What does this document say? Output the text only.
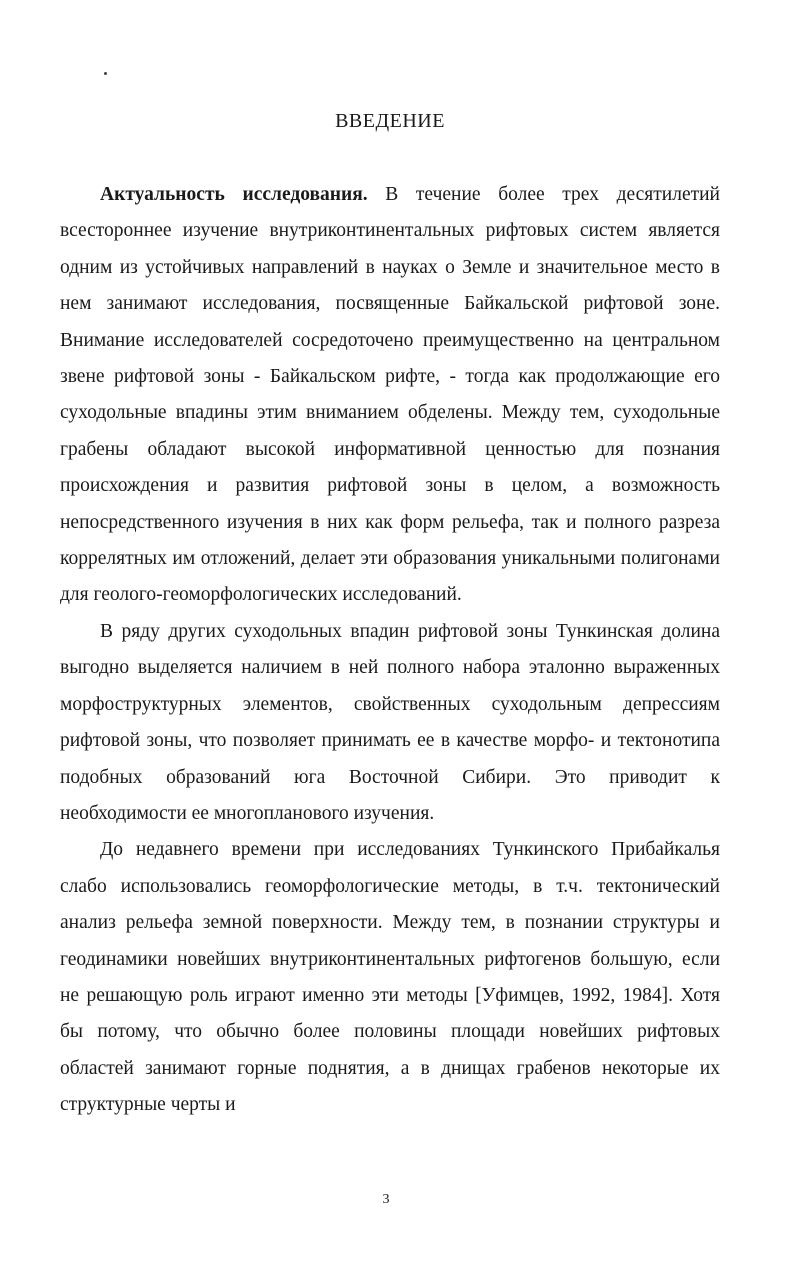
ВВЕДЕНИЕ

Актуальность исследования. В течение более трех десятилетий всестороннее изучение внутриконтинентальных рифтовых систем является одним из устойчивых направлений в науках о Земле и значительное место в нем занимают исследования, посвященные Байкальской рифтовой зоне. Внимание исследователей сосредоточено преимущественно на центральном звене рифтовой зоны - Байкальском рифте, - тогда как продолжающие его суходольные впадины этим вниманием обделены. Между тем, суходольные грабены обладают высокой информативной ценностью для познания происхождения и развития рифтовой зоны в целом, а возможность непосредственного изучения в них как форм рельефа, так и полного разреза коррелятных им отложений, делает эти образования уникальными полигонами для геолого-геоморфологических исследований.

В ряду других суходольных впадин рифтовой зоны Тункинская долина выгодно выделяется наличием в ней полного набора эталонно выраженных морфоструктурных элементов, свойственных суходольным депрессиям рифтовой зоны, что позволяет принимать ее в качестве морфо- и тектонотипа подобных образований юга Восточной Сибири. Это приводит к необходимости ее многопланового изучения.

До недавнего времени при исследованиях Тункинского Прибайкалья слабо использовались геоморфологические методы, в т.ч. тектонический анализ рельефа земной поверхности. Между тем, в познании структуры и геодинамики новейших внутриконтинентальных рифтогенов большую, если не решающую роль играют именно эти методы [Уфимцев, 1992, 1984]. Хотя бы потому, что обычно более половины площади новейших рифтовых областей занимают горные поднятия, а в днищах грабенов некоторые их структурные черты и

3
